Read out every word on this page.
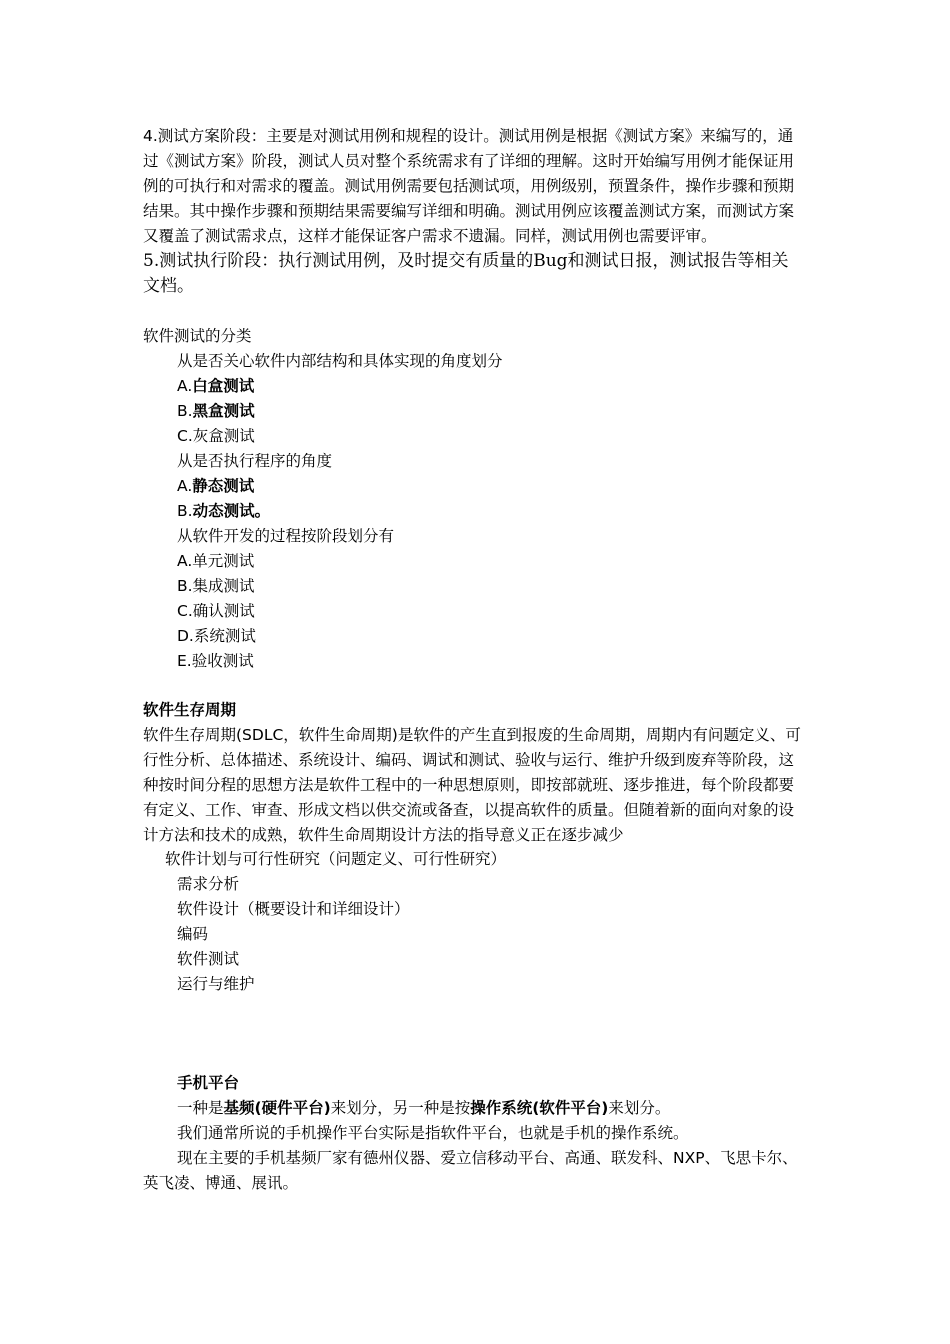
4.测试方案阶段：主要是对测试用例和规程的设计。测试用例是根据《测试方案》来编写的，通过《测试方案》阶段，测试人员对整个系统需求有了详细的理解。这时开始编写用例才能保证用例的可执行和对需求的覆盖。测试用例需要包括测试项，用例级别，预置条件，操作步骤和预期结果。其中操作步骤和预期结果需要编写详细和明确。测试用例应该覆盖测试方案，而测试方案又覆盖了测试需求点，这样才能保证客户需求不遗漏。同样，测试用例也需要评审。

5.测试执行阶段：执行测试用例，及时提交有质量的Bug和测试日报，测试报告等相关文档。

软件测试的分类

从是否关心软件内部结构和具体实现的角度划分

A.白盒测试

B.黑盒测试

C.灰盒测试

从是否执行程序的角度

A.静态测试

B.动态测试。

从软件开发的过程按阶段划分有

A.单元测试

B.集成测试

C.确认测试

D.系统测试

E.验收测试

软件生存周期

软件生存周期(SDLC，软件生命周期)是软件的产生直到报废的生命周期，周期内有问题定义、可行性分析、总体描述、系统设计、编码、调试和测试、验收与运行、维护升级到废弃等阶段，这种按时间分程的思想方法是软件工程中的一种思想原则，即按部就班、逐步推进，每个阶段都要有定义、工作、审查、形成文档以供交流或备查，以提高软件的质量。但随着新的面向对象的设计方法和技术的成熟，软件生命周期设计方法的指导意义正在逐步减少

软件计划与可行性研究（问题定义、可行性研究）

需求分析

软件设计（概要设计和详细设计）

编码

软件测试

运行与维护

手机平台

一种是基频(硬件平台)来划分，另一种是按操作系统(软件平台)来划分。

我们通常所说的手机操作平台实际是指软件平台，也就是手机的操作系统。

现在主要的手机基频厂家有德州仪器、爱立信移动平台、高通、联发科、NXP、飞思卡尔、英飞凌、博通、展讯。
